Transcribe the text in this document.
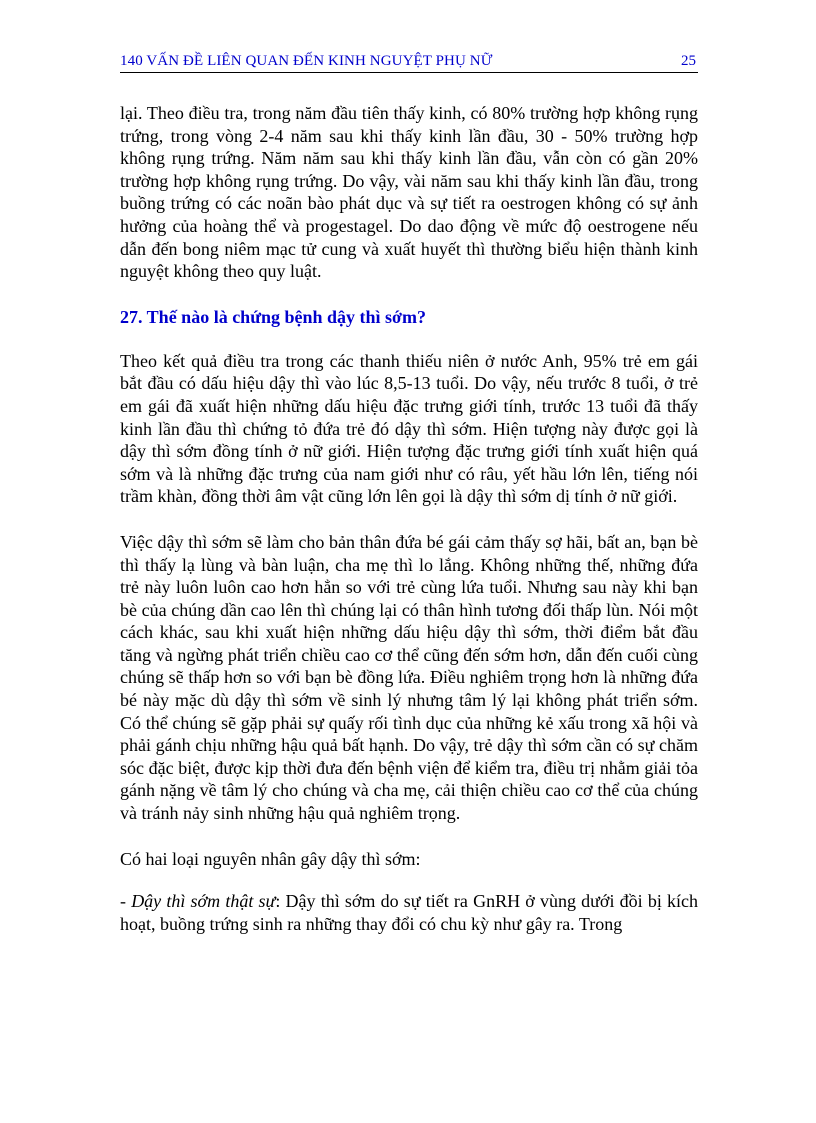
140 VẤN ĐỀ LIÊN QUAN ĐẾN KINH NGUYỆT PHỤ NỮ	25

lại. Theo điều tra, trong năm đầu tiên thấy kinh, có 80% trường hợp không rụng trứng, trong vòng 2-4 năm sau khi thấy kinh lần đầu, 30 - 50% trường hợp không rụng trứng. Năm năm sau khi thấy kinh lần đầu, vẫn còn có gần 20% trường hợp không rụng trứng. Do vậy, vài năm sau khi thấy kinh lần đầu, trong buồng trứng có các noãn bào phát dục và sự tiết ra oestrogen không có sự ảnh hưởng của hoàng thể và progestagel. Do dao động về mức độ oestrogene nếu dẫn đến bong niêm mạc tử cung và xuất huyết thì thường biểu hiện thành kinh nguyệt không theo quy luật.

27. Thế nào là chứng bệnh dậy thì sớm?

Theo kết quả điều tra trong các thanh thiếu niên ở nước Anh, 95% trẻ em gái bắt đầu có dấu hiệu dậy thì vào lúc 8,5-13 tuổi. Do vậy, nếu trước 8 tuổi, ở trẻ em gái đã xuất hiện những dấu hiệu đặc trưng giới tính, trước 13 tuổi đã thấy kinh lần đầu thì chứng tỏ đứa trẻ đó dậy thì sớm. Hiện tượng này được gọi là dậy thì sớm đồng tính ở nữ giới. Hiện tượng đặc trưng giới tính xuất hiện quá sớm và là những đặc trưng của nam giới như có râu, yết hầu lớn lên, tiếng nói trầm khàn, đồng thời âm vật cũng lớn lên gọi là dậy thì sớm dị tính ở nữ giới.

Việc dậy thì sớm sẽ làm cho bản thân đứa bé gái cảm thấy sợ hãi, bất an, bạn bè thì thấy lạ lùng và bàn luận, cha mẹ thì lo lắng. Không những thế, những đứa trẻ này luôn luôn cao hơn hẳn so với trẻ cùng lứa tuổi. Nhưng sau này khi bạn bè của chúng dần cao lên thì chúng lại có thân hình tương đối thấp lùn. Nói một cách khác, sau khi xuất hiện những dấu hiệu dậy thì sớm, thời điểm bắt đầu tăng và ngừng phát triển chiều cao cơ thể cũng đến sớm hơn, dẫn đến cuối cùng chúng sẽ thấp hơn so với bạn bè đồng lứa. Điều nghiêm trọng hơn là những đứa bé này mặc dù dậy thì sớm về sinh lý nhưng tâm lý lại không phát triển sớm. Có thể chúng sẽ gặp phải sự quấy rối tình dục của những kẻ xấu trong xã hội và phải gánh chịu những hậu quả bất hạnh. Do vậy, trẻ dậy thì sớm cần có sự chăm sóc đặc biệt, được kịp thời đưa đến bệnh viện để kiểm tra, điều trị nhằm giải tỏa gánh nặng về tâm lý cho chúng và cha mẹ, cải thiện chiều cao cơ thể của chúng và tránh nảy sinh những hậu quả nghiêm trọng.

Có hai loại nguyên nhân gây dậy thì sớm:

- Dậy thì sớm thật sự: Dậy thì sớm do sự tiết ra GnRH ở vùng dưới đồi bị kích hoạt, buồng trứng sinh ra những thay đổi có chu kỳ như gây ra. Trong
